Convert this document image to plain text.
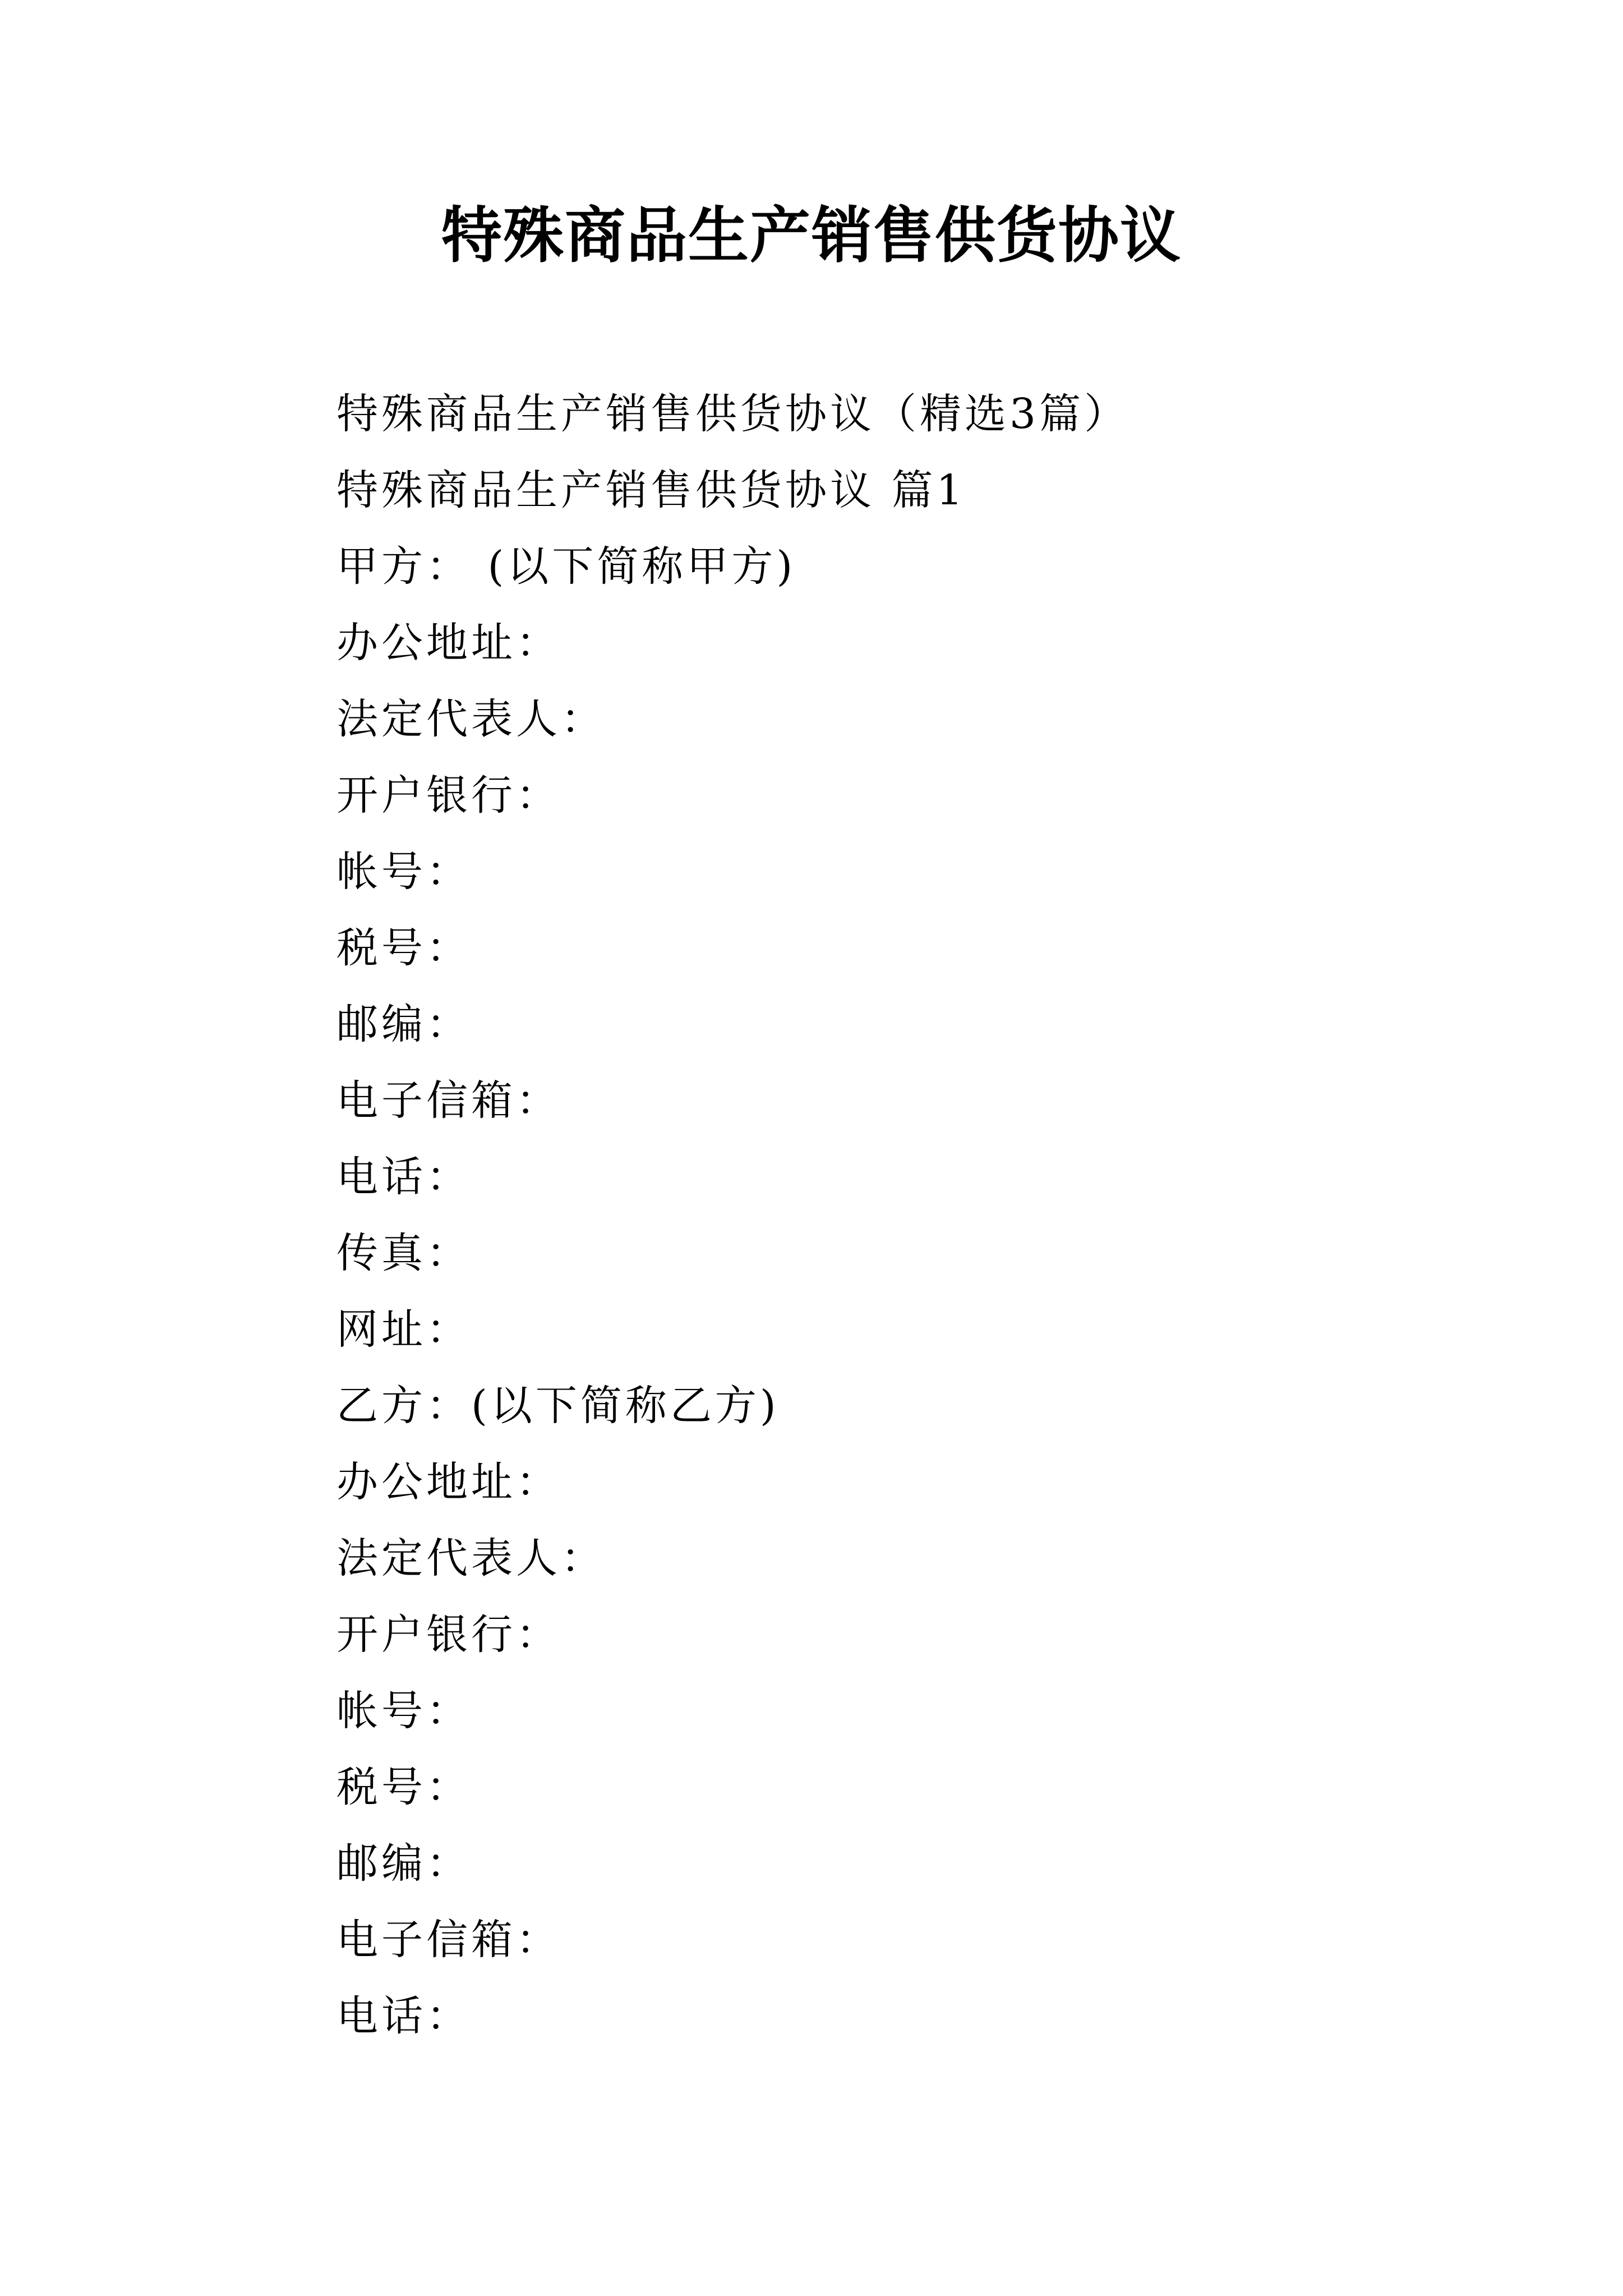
特殊商品生产销售供货协议
特殊商品生产销售供货协议（精选3篇）
特殊商品生产销售供货协议 篇1
甲方： (以下简称甲方)
办公地址：
法定代表人：
开户银行：
帐号：
税号：
邮编：
电子信箱：
电话：
传真：
网址：
乙方：(以下简称乙方)
办公地址：
法定代表人：
开户银行：
帐号：
税号：
邮编：
电子信箱：
电话：
